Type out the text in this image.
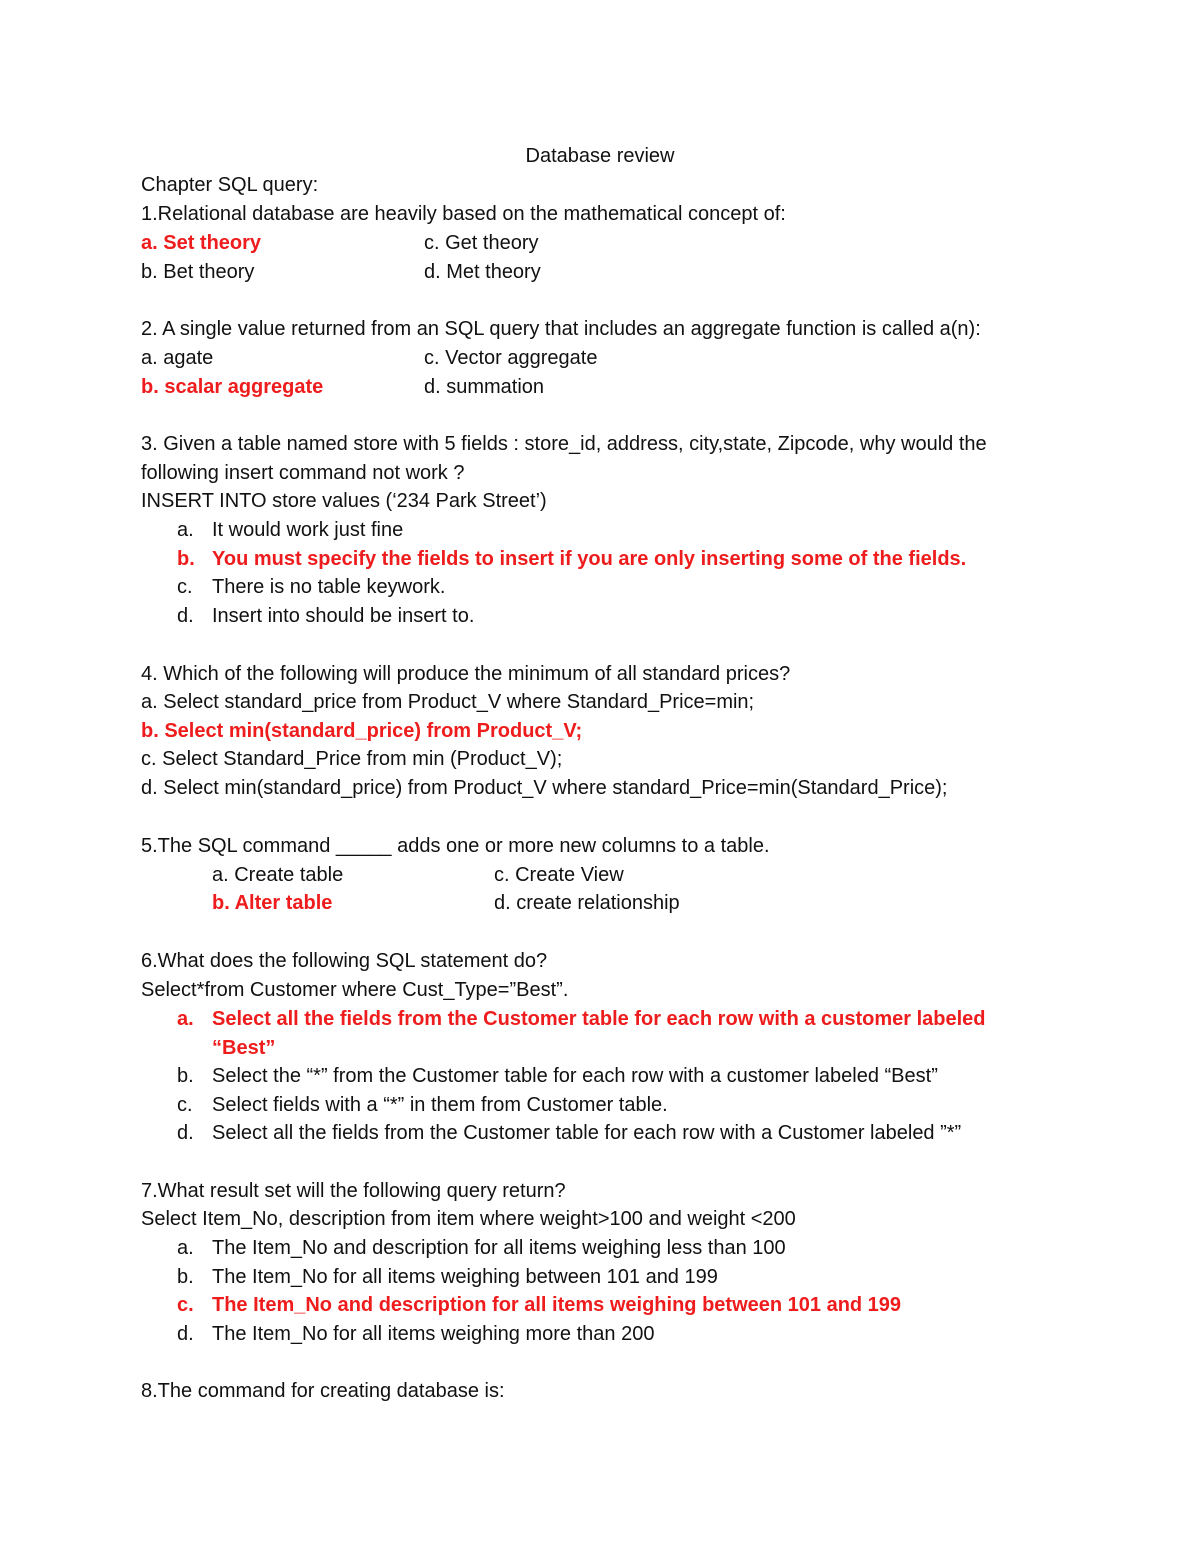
Database review
Chapter SQL query:
1.Relational database are heavily based on the mathematical concept of:
a. Set theory	c. Get theory
b. Bet theory	d. Met theory
2. A single value returned from an SQL query that includes an aggregate function is called a(n):
a. agate	c. Vector aggregate
b. scalar aggregate	d. summation
3. Given a table named store with 5 fields : store_id, address, city,state, Zipcode, why would the
following insert command not work ?
INSERT INTO store values (‘234 Park Street’)
a. It would work just fine
b. You must specify the fields to insert if you are only inserting some of the fields.
c. There is no table keywork.
d. Insert into should be insert to.
4. Which of the following will produce the minimum of all standard prices?
a. Select standard_price from Product_V where Standard_Price=min;
b. Select min(standard_price) from Product_V;
c. Select Standard_Price from min (Product_V);
d. Select min(standard_price) from Product_V where standard_Price=min(Standard_Price);
5.The SQL command _____ adds one or more new columns to a table.
a. Create table	c. Create View
b. Alter table	d. create relationship
6.What does the following SQL statement do?
Select*from Customer where Cust_Type=”Best”.
a. Select all the fields from the Customer table for each row with a customer labeled
“Best”
b. Select the “*” from the Customer table for each row with a customer labeled “Best”
c. Select fields with a “*” in them from Customer table.
d. Select all the fields from the Customer table for each row with a Customer labeled ”*”
7.What result set will the following query return?
Select Item_No, description from item where weight>100 and weight <200
a. The Item_No and description for all items weighing less than 100
b. The Item_No for all items weighing between 101 and 199
c. The Item_No and description for all items weighing between 101 and 199
d. The Item_No for all items weighing more than 200
8.The command for creating database is:
